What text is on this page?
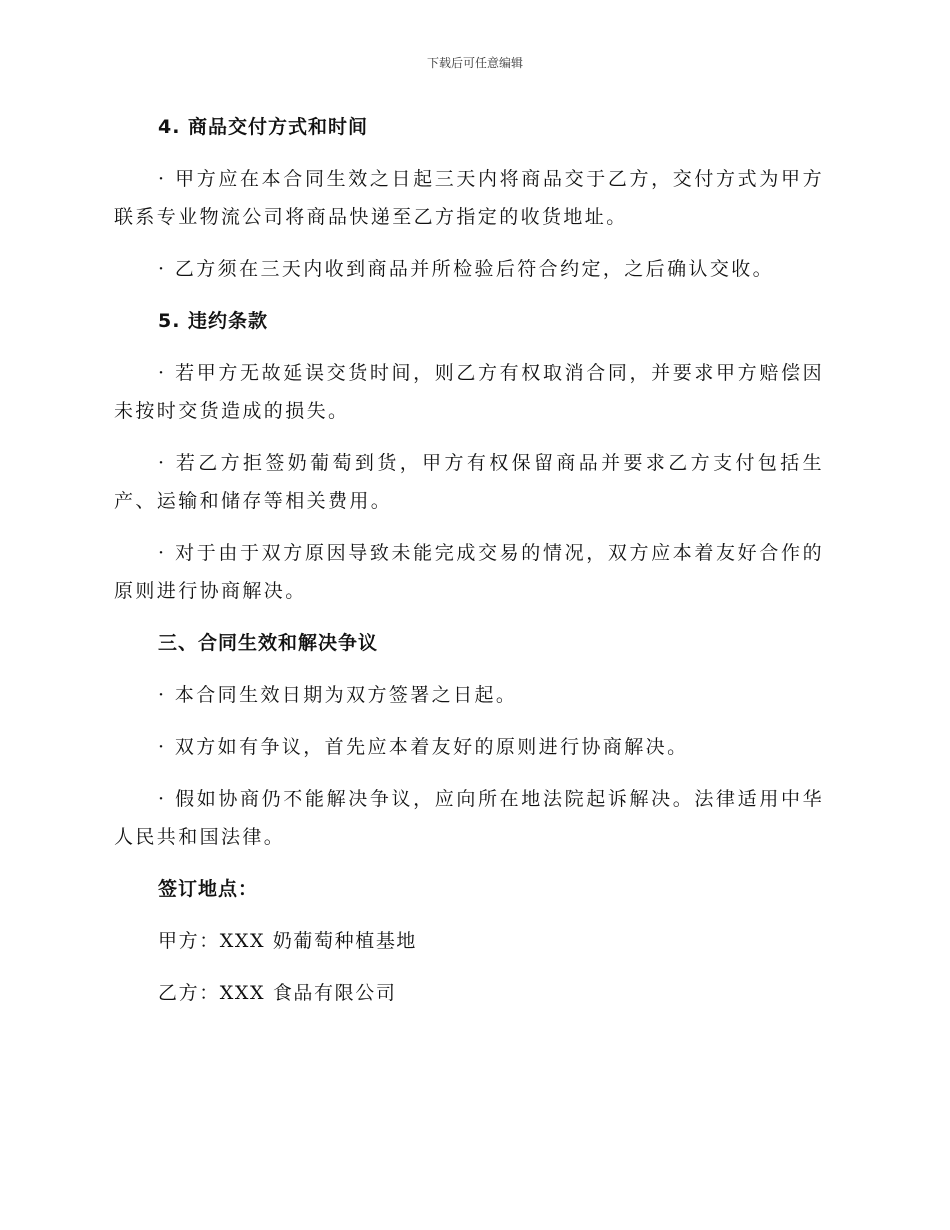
下载后可任意编辑
4. 商品交付方式和时间

· 甲方应在本合同生效之日起三天内将商品交于乙方，交付方式为甲方联系专业物流公司将商品快递至乙方指定的收货地址。

· 乙方须在三天内收到商品并所检验后符合约定，之后确认交收。

5. 违约条款

· 若甲方无故延误交货时间，则乙方有权取消合同，并要求甲方赔偿因未按时交货造成的损失。

· 若乙方拒签奶葡萄到货，甲方有权保留商品并要求乙方支付包括生产、运输和储存等相关费用。

· 对于由于双方原因导致未能完成交易的情况，双方应本着友好合作的原则进行协商解决。

三、合同生效和解决争议

· 本合同生效日期为双方签署之日起。

· 双方如有争议，首先应本着友好的原则进行协商解决。

· 假如协商仍不能解决争议，应向所在地法院起诉解决。法律适用中华人民共和国法律。

签订地点：

甲方：XXX 奶葡萄种植基地

乙方：XXX 食品有限公司
